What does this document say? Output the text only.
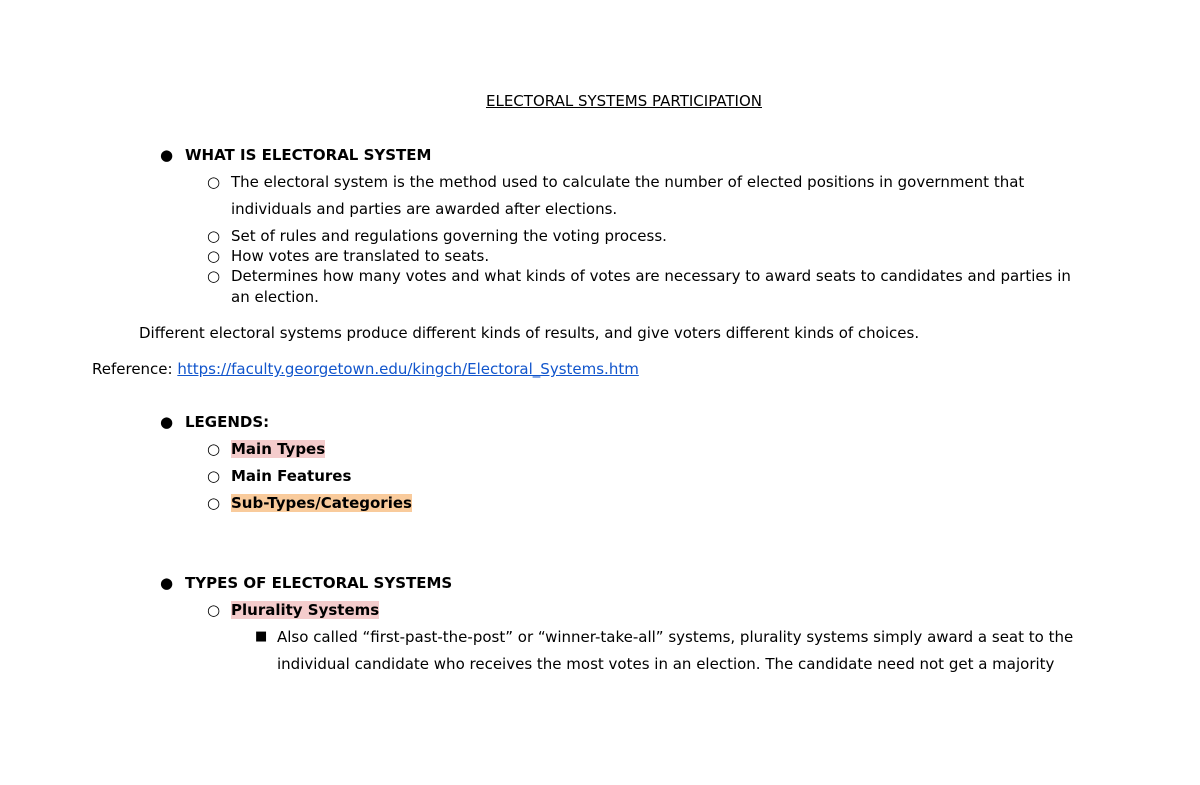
ELECTORAL SYSTEMS PARTICIPATION
● WHAT IS ELECTORAL SYSTEM
○ The electoral system is the method used to calculate the number of elected positions in government that
individuals and parties are awarded after elections.
○ Set of rules and regulations governing the voting process.
○ How votes are translated to seats.
○ Determines how many votes and what kinds of votes are necessary to award seats to candidates and parties in
an election.
Different electoral systems produce different kinds of results, and give voters different kinds of choices.
Reference: https://faculty.georgetown.edu/kingch/Electoral_Systems.htm
● LEGENDS:
○ Main Types
○ Main Features
○ Sub-Types/Categories
● TYPES OF ELECTORAL SYSTEMS
○ Plurality Systems
■ Also called “first-past-the-post” or “winner-take-all” systems, plurality systems simply award a seat to the
individual candidate who receives the most votes in an election. The candidate need not get a majority
